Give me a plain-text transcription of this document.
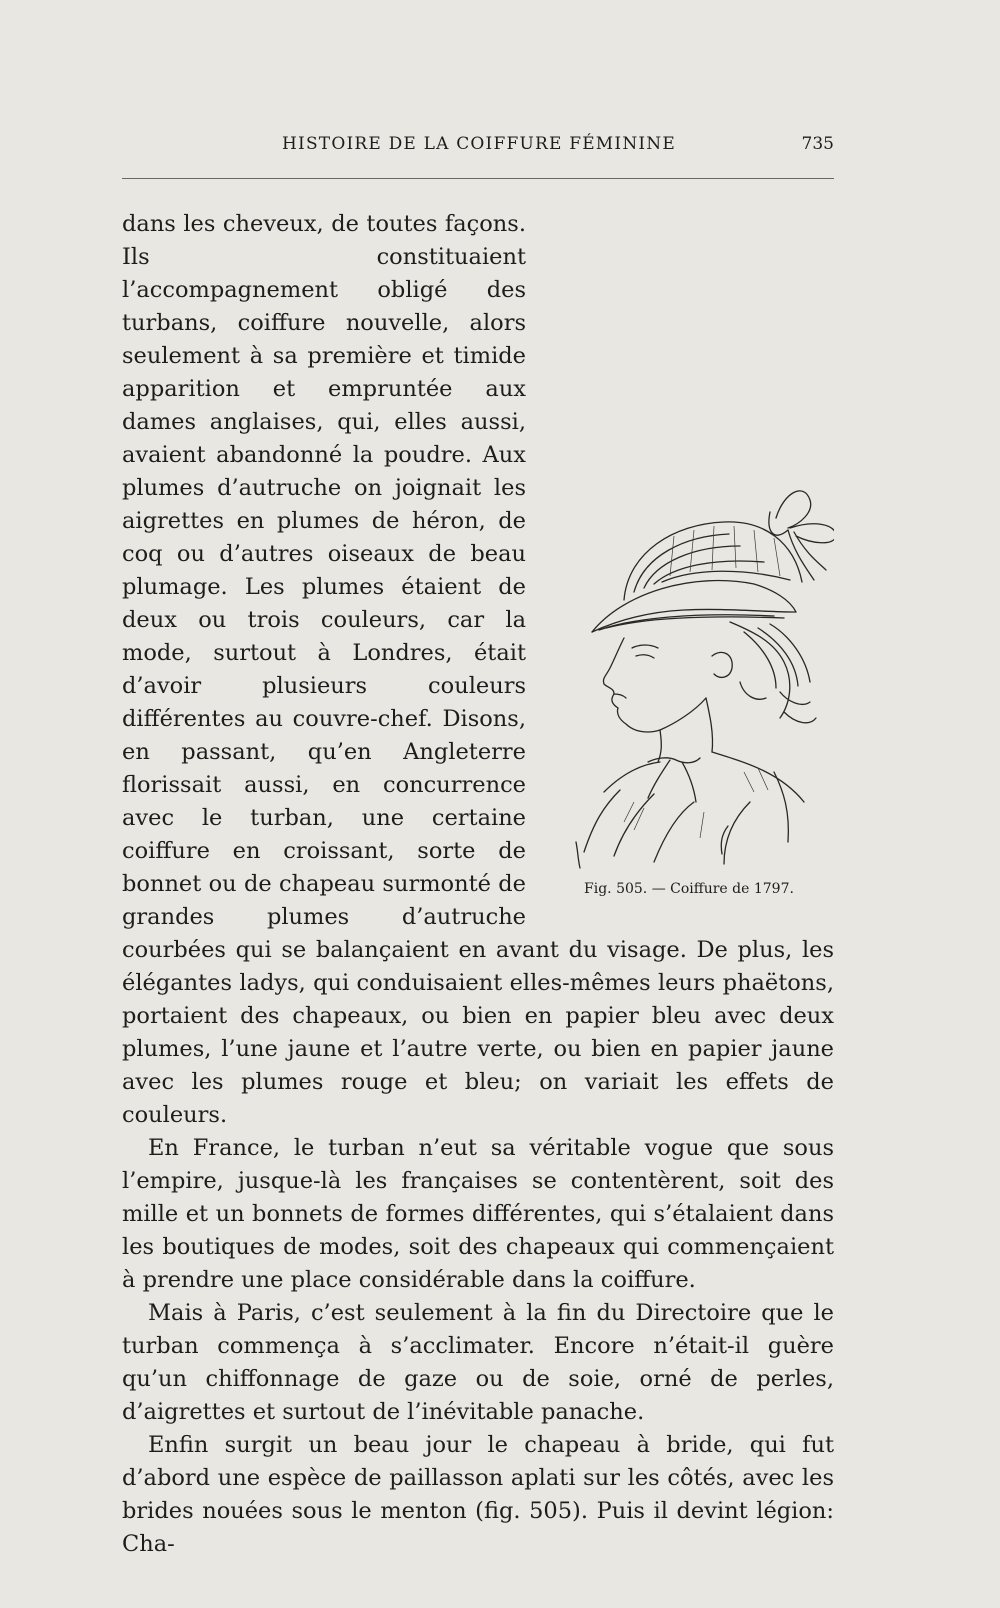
HISTOIRE DE LA COIFFURE FÉMININE	735
Fig. 505. — Coiffure de 1797.

dans les cheveux, de toutes façons. Ils constituaient l’accompagnement obligé des turbans, coiffure nouvelle, alors seulement à sa première et timide apparition et empruntée aux dames anglaises, qui, elles aussi, avaient abandonné la poudre. Aux plumes d’autruche on joignait les aigrettes en plumes de héron, de coq ou d’autres oiseaux de beau plumage. Les plumes étaient de deux ou trois couleurs, car la mode, surtout à Londres, était d’avoir plusieurs couleurs différentes au couvre-chef. Disons, en passant, qu’en Angleterre florissait aussi, en concurrence avec le turban, une certaine coiffure en croissant, sorte de bonnet ou de chapeau surmonté de grandes plumes d’autruche courbées qui se balançaient en avant du visage. De plus, les élégantes ladys, qui conduisaient elles-mêmes leurs phaëtons, portaient des chapeaux, ou bien en papier bleu avec deux plumes, l’une jaune et l’autre verte, ou bien en papier jaune avec les plumes rouge et bleu; on variait les effets de couleurs.

En France, le turban n’eut sa véritable vogue que sous l’empire, jusque-là les françaises se contentèrent, soit des mille et un bonnets de formes différentes, qui s’étalaient dans les boutiques de modes, soit des chapeaux qui commençaient à prendre une place considérable dans la coiffure.

Mais à Paris, c’est seulement à la fin du Directoire que le turban commença à s’acclimater. Encore n’était-il guère qu’un chiffonnage de gaze ou de soie, orné de perles, d’aigrettes et surtout de l’inévitable panache.

Enfin surgit un beau jour le chapeau à bride, qui fut d’abord une espèce de paillasson aplati sur les côtés, avec les brides nouées sous le menton (fig. 505). Puis il devint légion: Cha-
